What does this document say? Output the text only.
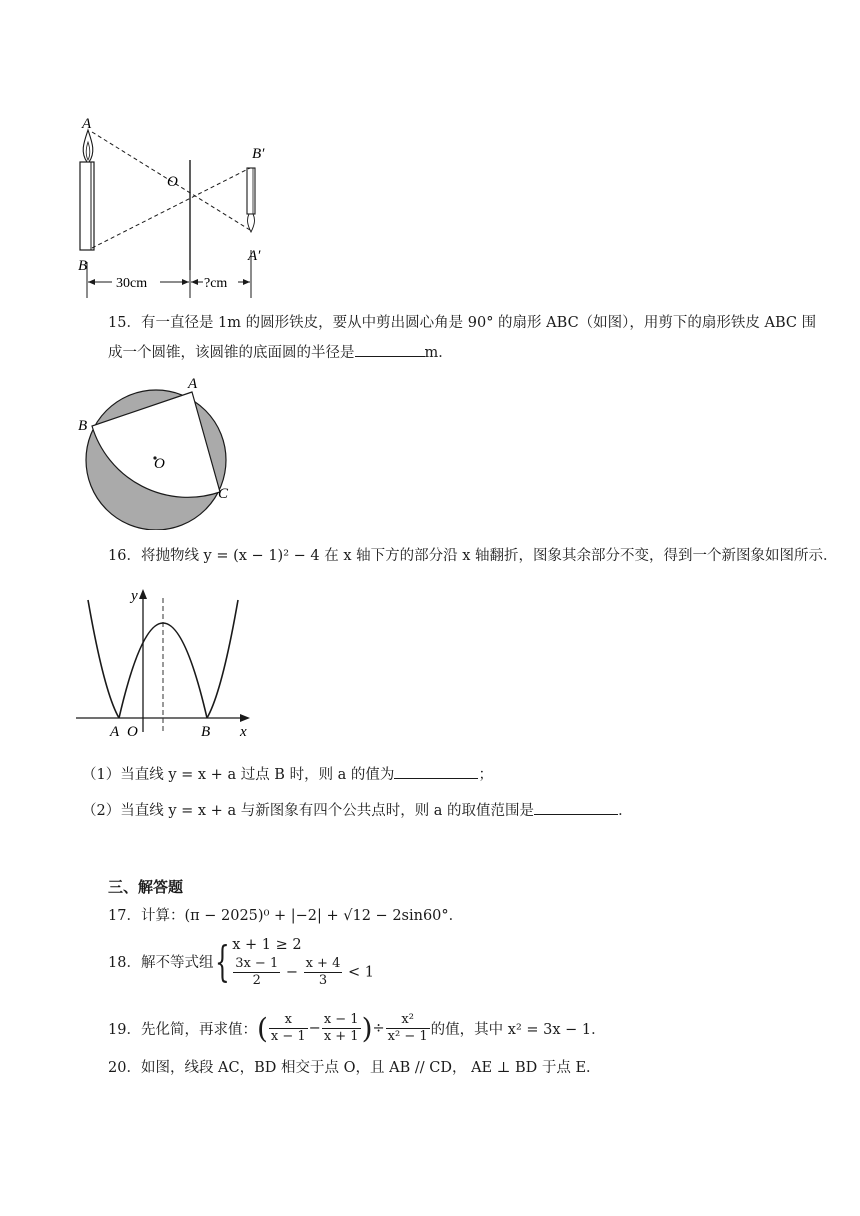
A
B
O
B′
A′
30cm	?cm
15．有一直径是 1m 的圆形铁皮，要从中剪出圆心角是 90° 的扇形 ABC（如图），用剪下的扇形铁皮 ABC 围
成一个圆锥，该圆锥的底面圆的半径是	m．
A
B
C
O
16．将抛物线 y = (x − 1)² − 4 在 x 轴下方的部分沿 x 轴翻折，图象其余部分不变，得到一个新图象如图所示．
y
x
A O	B
（1）当直线 y = x + a 过点 B 时，则 a 的值为	；
（2）当直线 y = x + a 与新图象有四个公共点时，则 a 的取值范围是	．
三、解答题
17．计算：(π − 2025)⁰ + |−2| + √12 − 2sin60°．
18．解不等式组{ x + 1 ≥ 2
$\frac{3x - 1}{2} - \frac{x + 4}{3} < 1$
19．先化简，再求值：( $\frac{x}{x - 1} - \frac{x - 1}{x + 1}$ )÷ $\frac{\text{x²}}{\text{x² − 1}}$ 的值，其中 x² = 3x − 1．
20．如图，线段 AC，BD 相交于点 O，且 AB // CD， AE ⊥ BD 于点 E．
